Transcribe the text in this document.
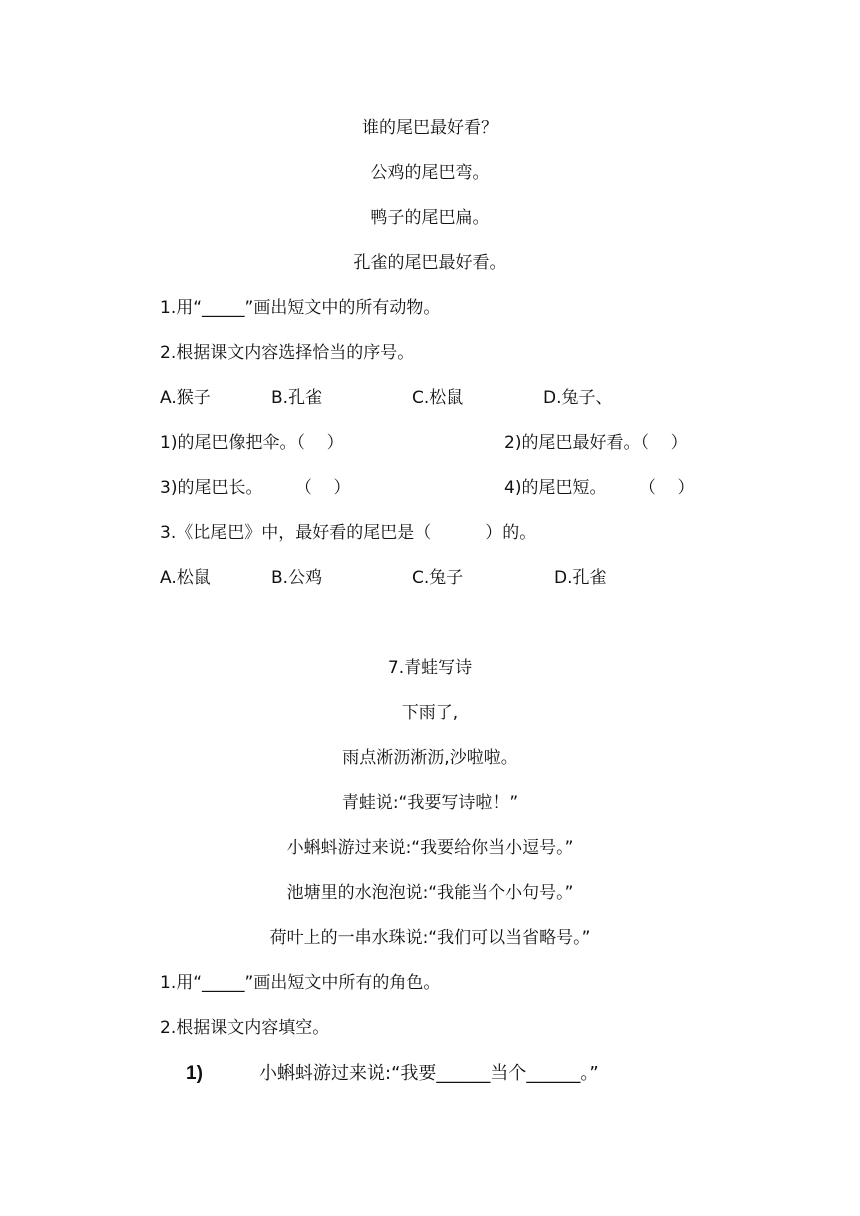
谁的尾巴最好看？
公鸡的尾巴弯。
鸭子的尾巴扁。
孔雀的尾巴最好看。
1.用“_____”画出短文中的所有动物。
2.根据课文内容选择恰当的序号。
A.猴子	B.孔雀	C.松鼠	D.兔子、
1)的尾巴像把伞。（    ）	2)的尾巴最好看。（    ）
3)的尾巴长。      （    ）	4)的尾巴短。      （    ）
3.《比尾巴》中，最好看的尾巴是（          ）的。
A.松鼠	B.公鸡	C.兔子	D.孔雀
7.青蛙写诗
下雨了,
雨点淅沥淅沥,沙啦啦。
青蛙说:“我要写诗啦！”
小蝌蚪游过来说:“我要给你当小逗号。”
池塘里的水泡泡说:“我能当个小句号。”
荷叶上的一串水珠说:“我们可以当省略号。”
1.用“_____”画出短文中所有的角色。
2.根据课文内容填空。
1)	小蝌蚪游过来说:“我要______当个______。”
